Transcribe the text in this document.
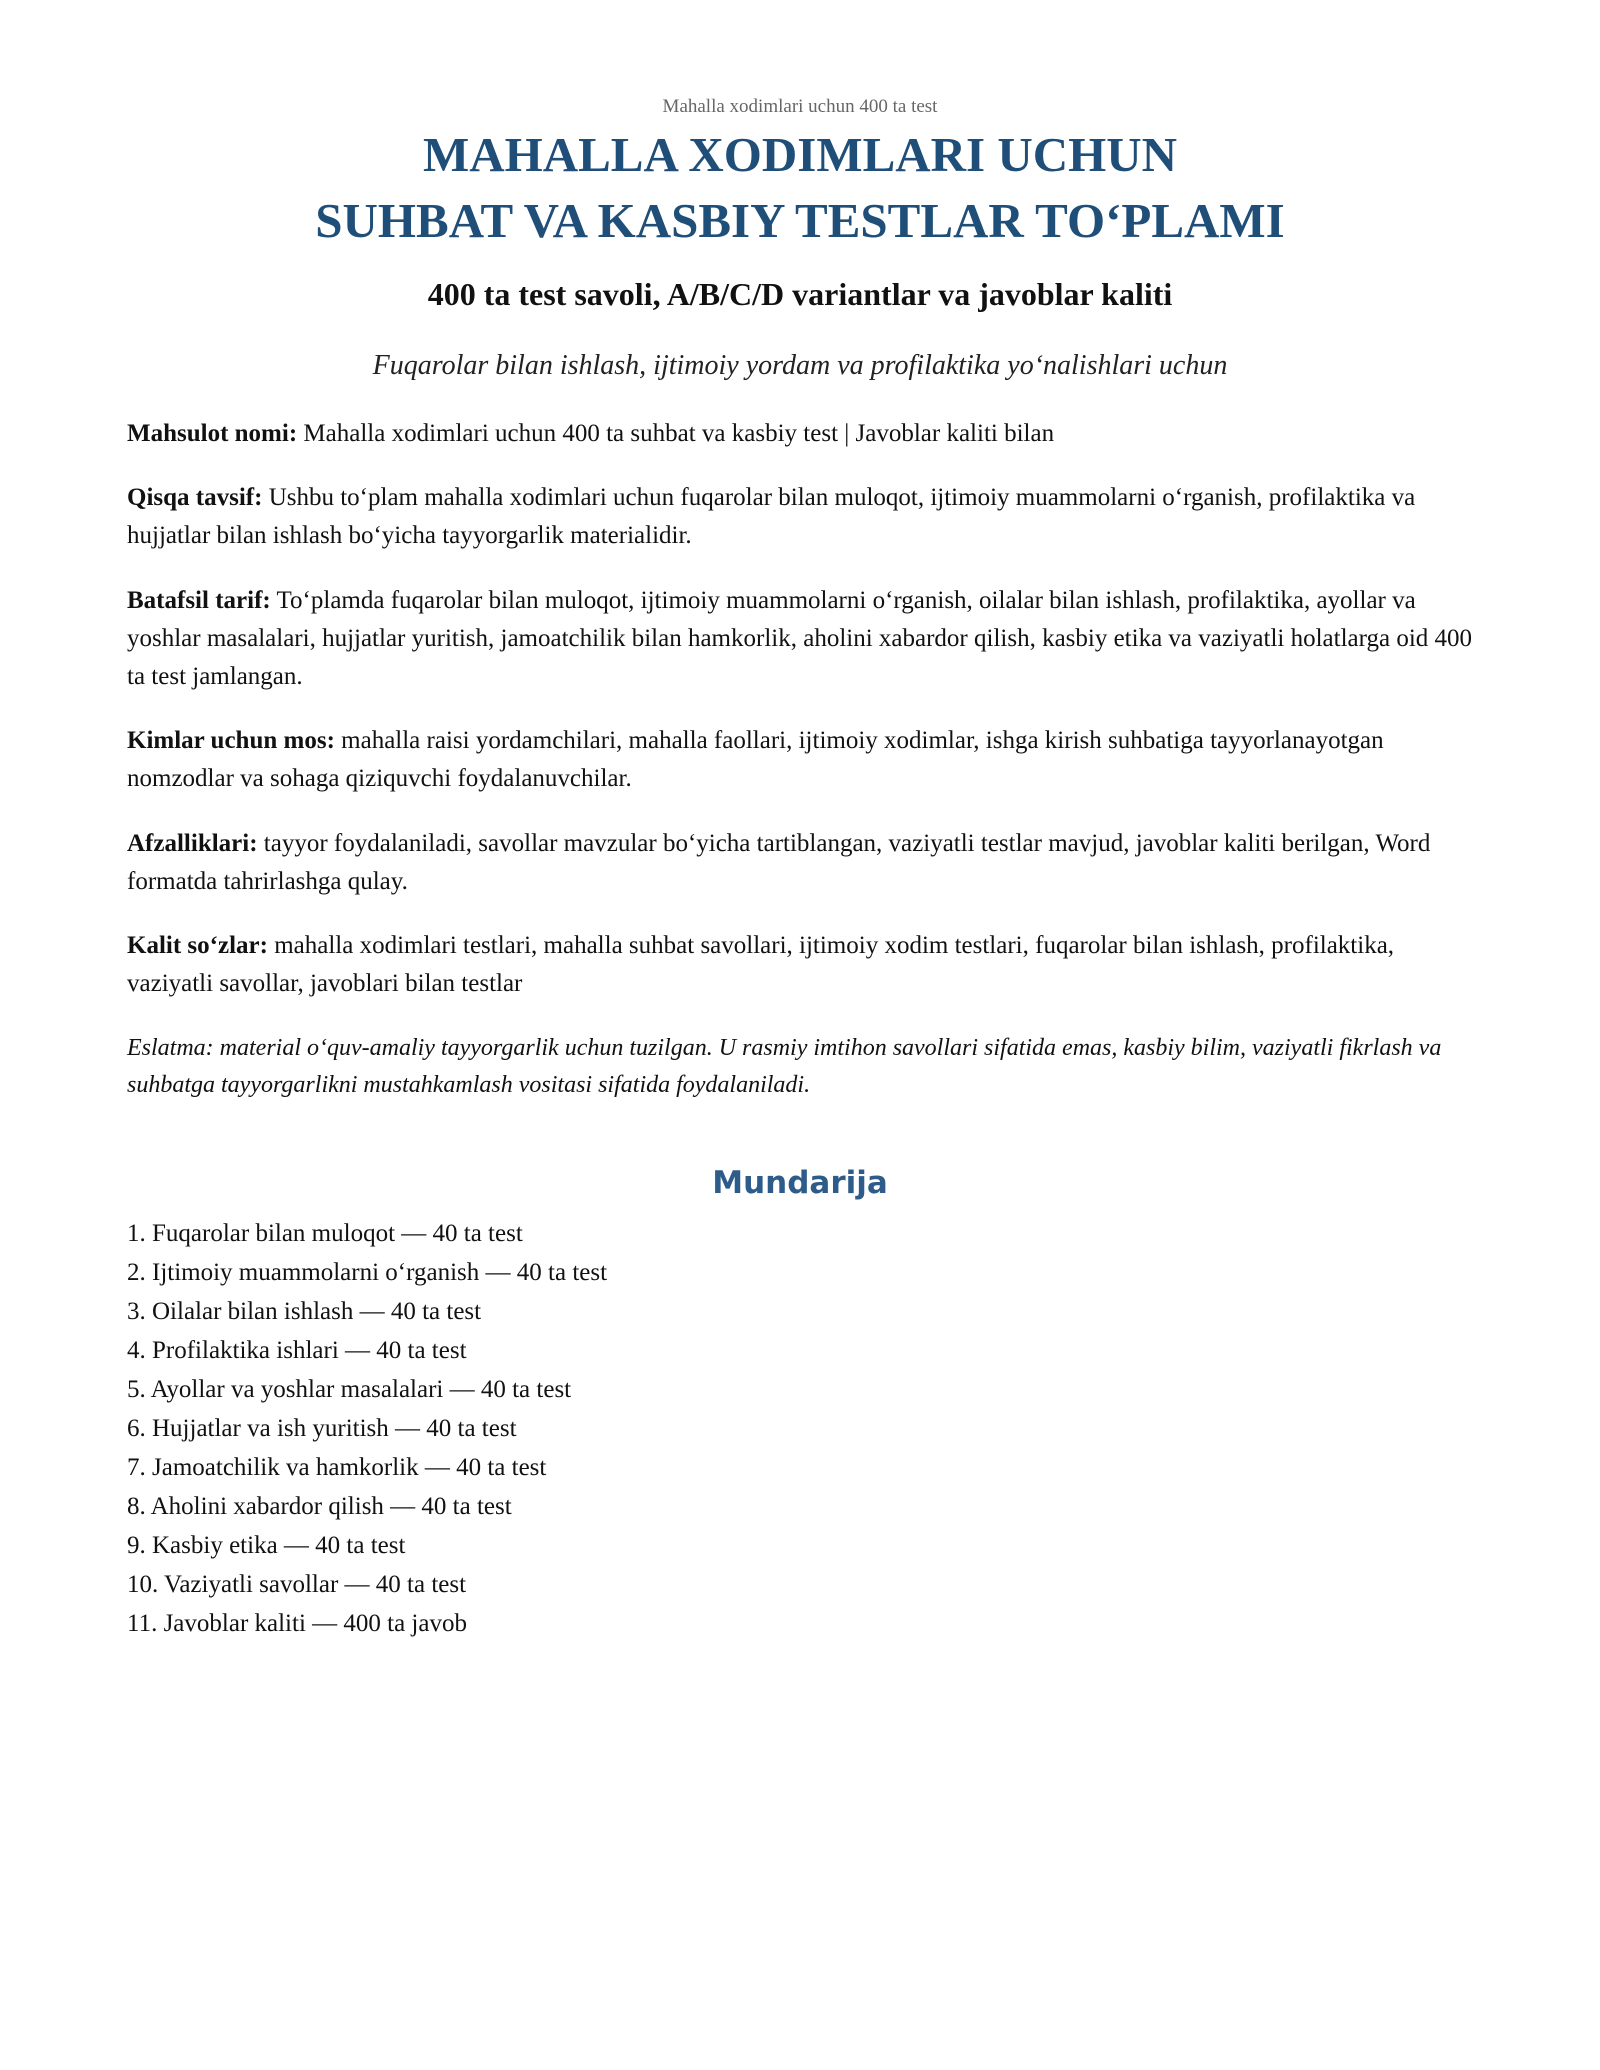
Mahalla xodimlari uchun 400 ta test
MAHALLA XODIMLARI UCHUN
SUHBAT VA KASBIY TESTLAR TO‘PLAMI
400 ta test savoli, A/B/C/D variantlar va javoblar kaliti
Fuqarolar bilan ishlash, ijtimoiy yordam va profilaktika yo‘nalishlari uchun

Mahsulot nomi: Mahalla xodimlari uchun 400 ta suhbat va kasbiy test | Javoblar kaliti bilan

Qisqa tavsif: Ushbu to‘plam mahalla xodimlari uchun fuqarolar bilan muloqot, ijtimoiy muammolarni o‘rganish, profilaktika va hujjatlar bilan ishlash bo‘yicha tayyorgarlik materialidir.

Batafsil tarif: To‘plamda fuqarolar bilan muloqot, ijtimoiy muammolarni o‘rganish, oilalar bilan ishlash, profilaktika, ayollar va yoshlar masalalari, hujjatlar yuritish, jamoatchilik bilan hamkorlik, aholini xabardor qilish, kasbiy etika va vaziyatli holatlarga oid 400 ta test jamlangan.

Kimlar uchun mos: mahalla raisi yordamchilari, mahalla faollari, ijtimoiy xodimlar, ishga kirish suhbatiga tayyorlanayotgan nomzodlar va sohaga qiziquvchi foydalanuvchilar.

Afzalliklari: tayyor foydalaniladi, savollar mavzular bo‘yicha tartiblangan, vaziyatli testlar mavjud, javoblar kaliti berilgan, Word formatda tahrirlashga qulay.

Kalit so‘zlar: mahalla xodimlari testlari, mahalla suhbat savollari, ijtimoiy xodim testlari, fuqarolar bilan ishlash, profilaktika, vaziyatli savollar, javoblari bilan testlar

Eslatma: material o‘quv-amaliy tayyorgarlik uchun tuzilgan. U rasmiy imtihon savollari sifatida emas, kasbiy bilim, vaziyatli fikrlash va suhbatga tayyorgarlikni mustahkamlash vositasi sifatida foydalaniladi.
Mundarija
1. Fuqarolar bilan muloqot — 40 ta test
2. Ijtimoiy muammolarni o‘rganish — 40 ta test
3. Oilalar bilan ishlash — 40 ta test
4. Profilaktika ishlari — 40 ta test
5. Ayollar va yoshlar masalalari — 40 ta test
6. Hujjatlar va ish yuritish — 40 ta test
7. Jamoatchilik va hamkorlik — 40 ta test
8. Aholini xabardor qilish — 40 ta test
9. Kasbiy etika — 40 ta test
10. Vaziyatli savollar — 40 ta test
11. Javoblar kaliti — 400 ta javob
